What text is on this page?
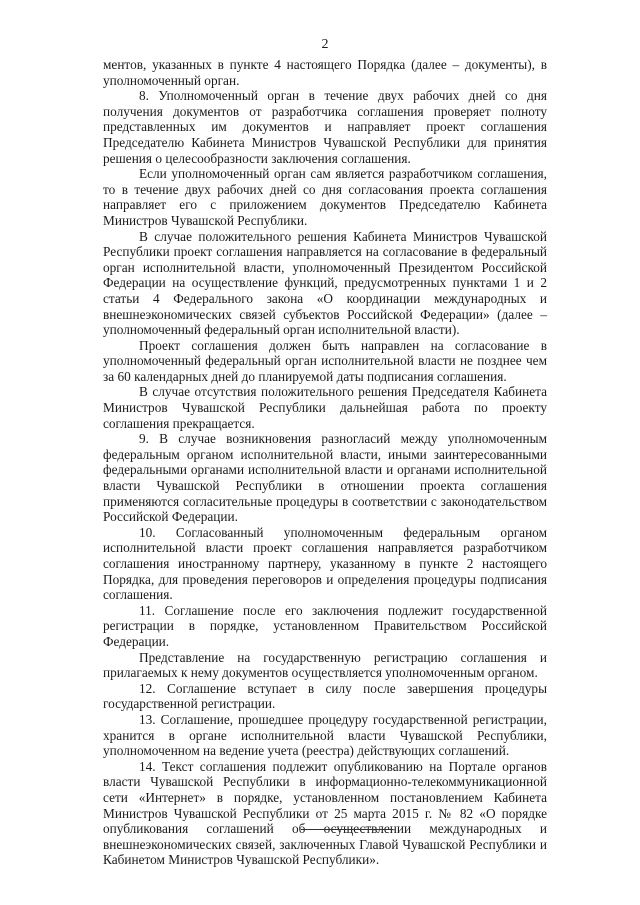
2

ментов, указанных в пункте 4 настоящего Порядка (далее – документы), в уполномоченный орган.

8. Уполномоченный орган в течение двух рабочих дней со дня получения документов от разработчика соглашения проверяет полноту представленных им документов и направляет проект соглашения Председателю Кабинета Министров Чувашской Республики для принятия решения о целесообразности заключения соглашения.

Если уполномоченный орган сам является разработчиком соглашения, то в течение двух рабочих дней со дня согласования проекта соглашения направляет его с приложением документов Председателю Кабинета Министров Чувашской Республики.

В случае положительного решения Кабинета Министров Чувашской Республики проект соглашения направляется на согласование в федеральный орган исполнительной власти, уполномоченный Президентом Российской Федерации на осуществление функций, предусмотренных пунктами 1 и 2 статьи 4 Федерального закона «О координации международных и внешнеэкономических связей субъектов Российской Федерации» (далее – уполномоченный федеральный орган исполнительной власти).

Проект соглашения должен быть направлен на согласование в уполномоченный федеральный орган исполнительной власти не позднее чем за 60 календарных дней до планируемой даты подписания соглашения.

В случае отсутствия положительного решения Председателя Кабинета Министров Чувашской Республики дальнейшая работа по проекту соглашения прекращается.

9. В случае возникновения разногласий между уполномоченным федеральным органом исполнительной власти, иными заинтересованными федеральными органами исполнительной власти и органами исполнительной власти Чувашской Республики в отношении проекта соглашения применяются согласительные процедуры в соответствии с законодательством Российской Федерации.

10. Согласованный уполномоченным федеральным органом исполнительной власти проект соглашения направляется разработчиком соглашения иностранному партнеру, указанному в пункте 2 настоящего Порядка, для проведения переговоров и определения процедуры подписания соглашения.

11. Соглашение после его заключения подлежит государственной регистрации в порядке, установленном Правительством Российской Федерации.

Представление на государственную регистрацию соглашения и прилагаемых к нему документов осуществляется уполномоченным органом.

12. Соглашение вступает в силу после завершения процедуры государственной регистрации.

13. Соглашение, прошедшее процедуру государственной регистрации, хранится в органе исполнительной власти Чувашской Республики, уполномоченном на ведение учета (реестра) действующих соглашений.

14. Текст соглашения подлежит опубликованию на Портале органов власти Чувашской Республики в информационно-телекоммуникационной сети «Интернет» в порядке, установленном постановлением Кабинета Министров Чувашской Республики от 25 марта 2015 г. № 82 «О порядке опубликования соглашений об осуществлении международных и внешнеэкономических связей, заключенных Главой Чувашской Республики и Кабинетом Министров Чувашской Республики».
